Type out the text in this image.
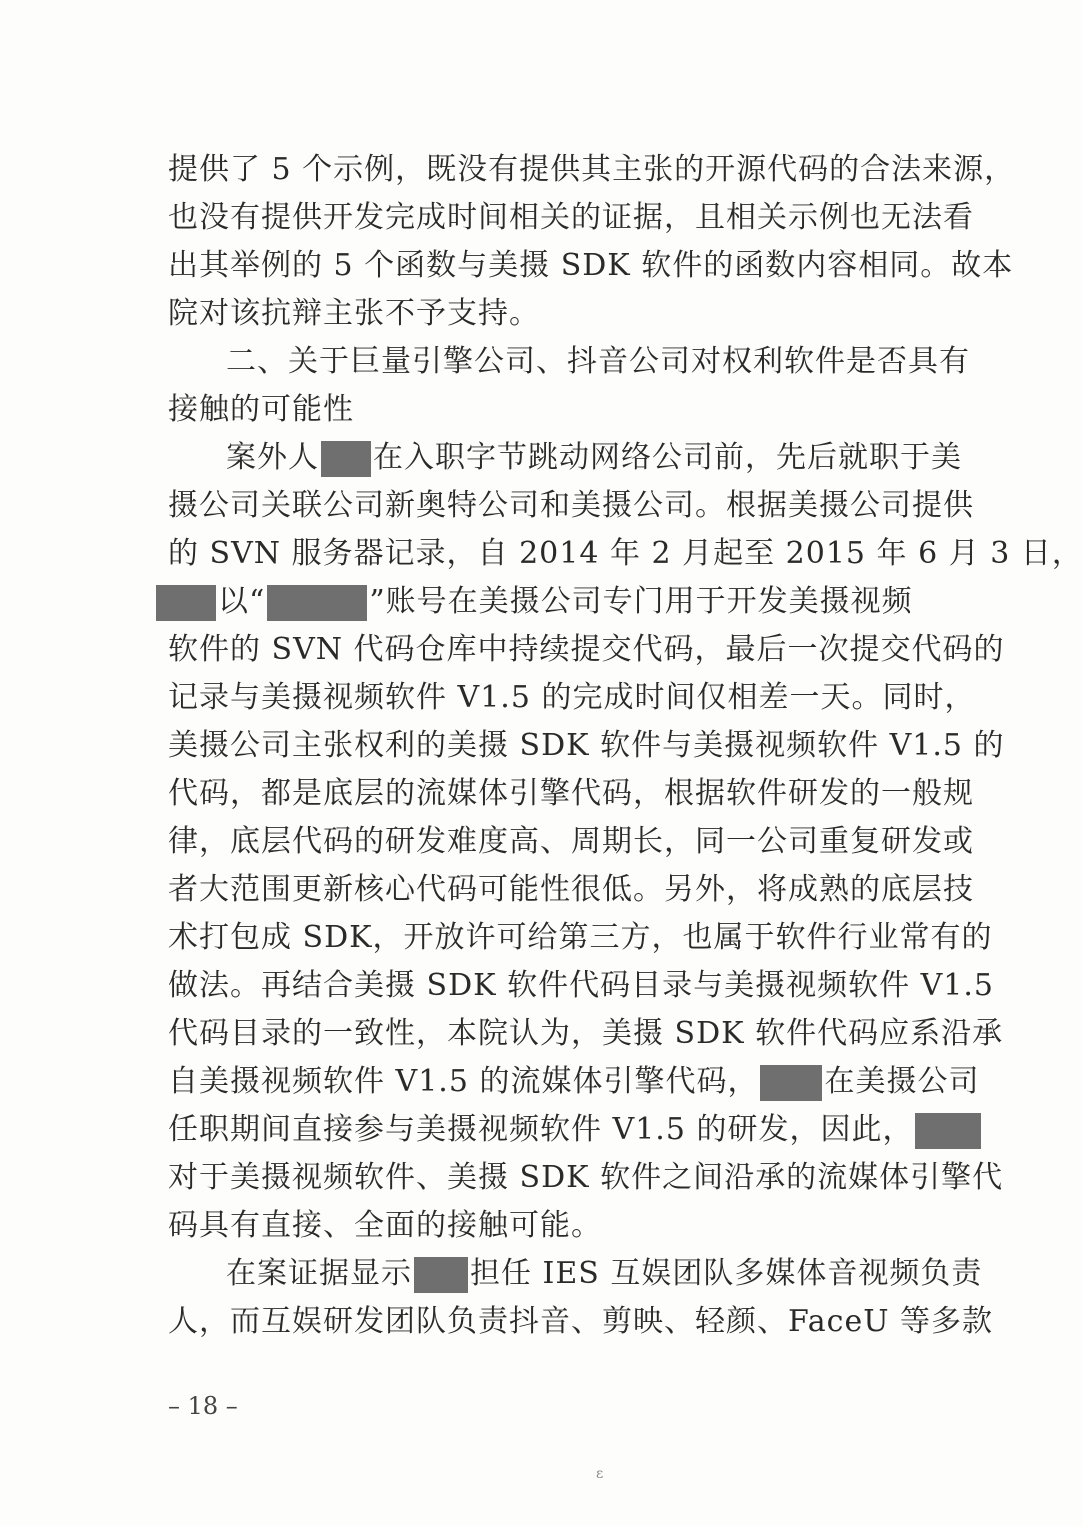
提供了 5 个示例，既没有提供其主张的开源代码的合法来源，
也没有提供开发完成时间相关的证据，且相关示例也无法看
出其举例的 5 个函数与美摄 SDK 软件的函数内容相同。故本
院对该抗辩主张不予支持。
二、关于巨量引擎公司、抖音公司对权利软件是否具有
接触的可能性
案外人 在入职字节跳动网络公司前，先后就职于美
摄公司关联公司新奥特公司和美摄公司。根据美摄公司提供
的 SVN 服务器记录，自 2014 年 2 月起至 2015 年 6 月 3 日，
以“	”账号在美摄公司专门用于开发美摄视频
软件的 SVN 代码仓库中持续提交代码，最后一次提交代码的
记录与美摄视频软件 V1.5 的完成时间仅相差一天。同时，
美摄公司主张权利的美摄 SDK 软件与美摄视频软件 V1.5 的
代码，都是底层的流媒体引擎代码，根据软件研发的一般规
律，底层代码的研发难度高、周期长，同一公司重复研发或
者大范围更新核心代码可能性很低。另外，将成熟的底层技
术打包成 SDK，开放许可给第三方，也属于软件行业常有的
做法。再结合美摄 SDK 软件代码目录与美摄视频软件 V1.5
代码目录的一致性，本院认为，美摄 SDK 软件代码应系沿承
自美摄视频软件 V1.5 的流媒体引擎代码， 在美摄公司
任职期间直接参与美摄视频软件 V1.5 的研发，因此，
对于美摄视频软件、美摄 SDK 软件之间沿承的流媒体引擎代
码具有直接、全面的接触可能。
在案证据显示 担任 IES 互娱团队多媒体音视频负责
人，而互娱研发团队负责抖音、剪映、轻颜、FaceU 等多款
– 18 –
ɛ
